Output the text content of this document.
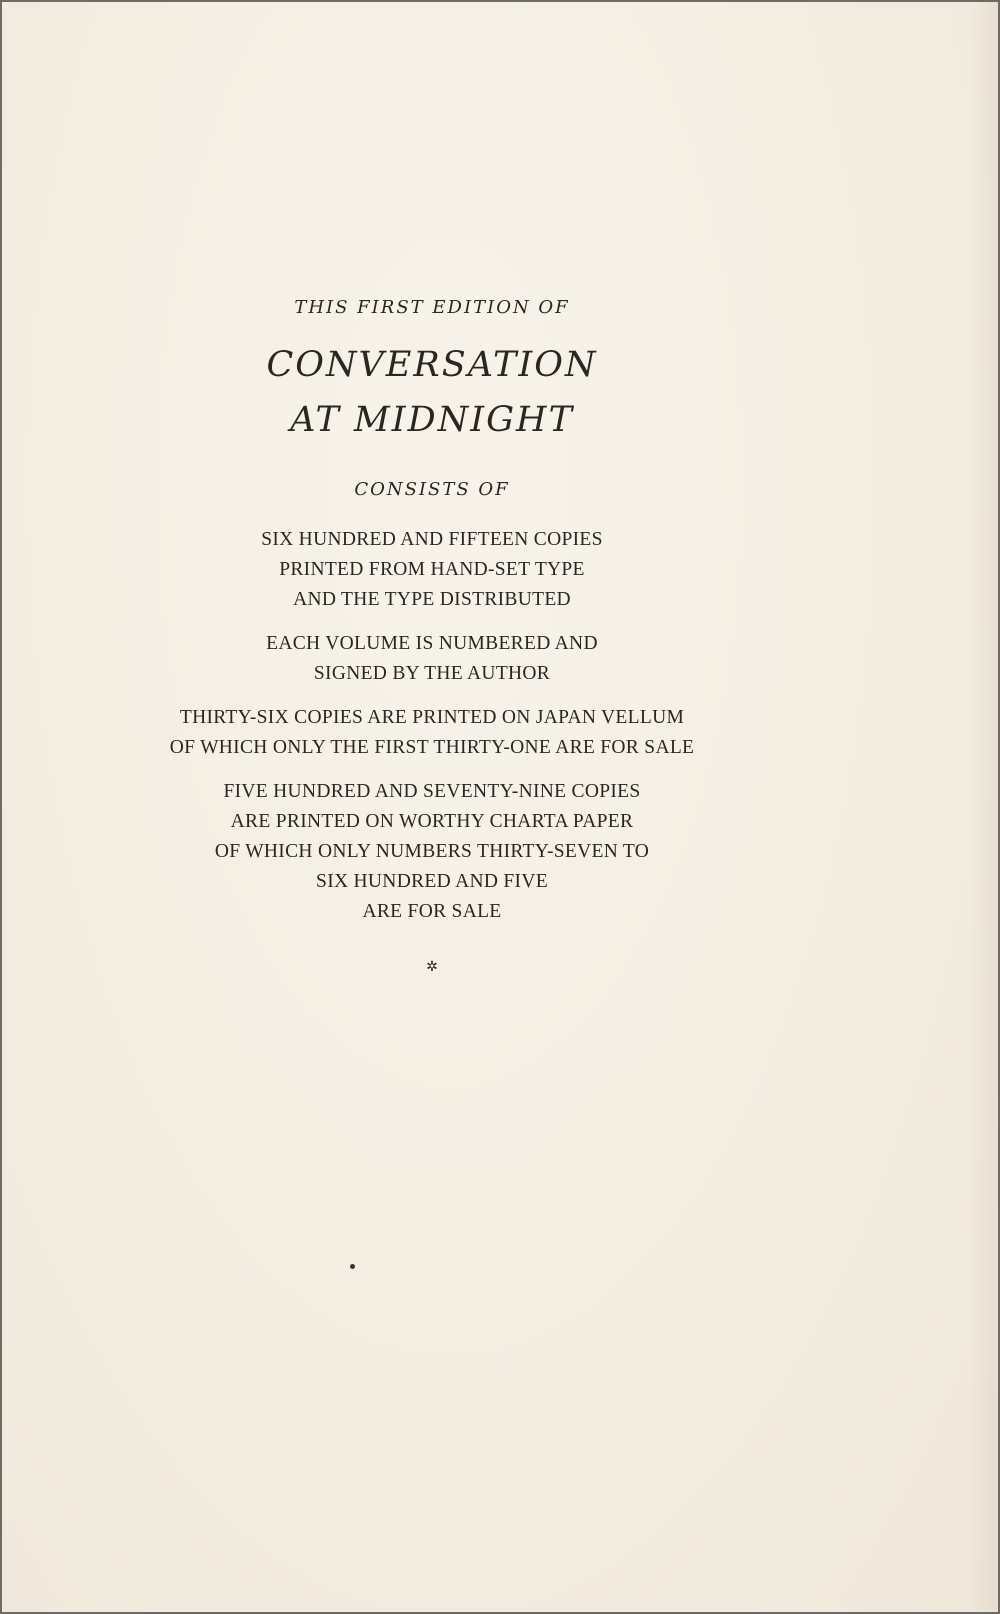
THIS FIRST EDITION OF
CONVERSATION
AT MIDNIGHT
CONSISTS OF
SIX HUNDRED AND FIFTEEN COPIES
PRINTED FROM HAND-SET TYPE
AND THE TYPE DISTRIBUTED
EACH VOLUME IS NUMBERED AND
SIGNED BY THE AUTHOR
THIRTY-SIX COPIES ARE PRINTED ON JAPAN VELLUM
OF WHICH ONLY THE FIRST THIRTY-ONE ARE FOR SALE
FIVE HUNDRED AND SEVENTY-NINE COPIES
ARE PRINTED ON WORTHY CHARTA PAPER
OF WHICH ONLY NUMBERS THIRTY-SEVEN TO
SIX HUNDRED AND FIVE
ARE FOR SALE
✲
